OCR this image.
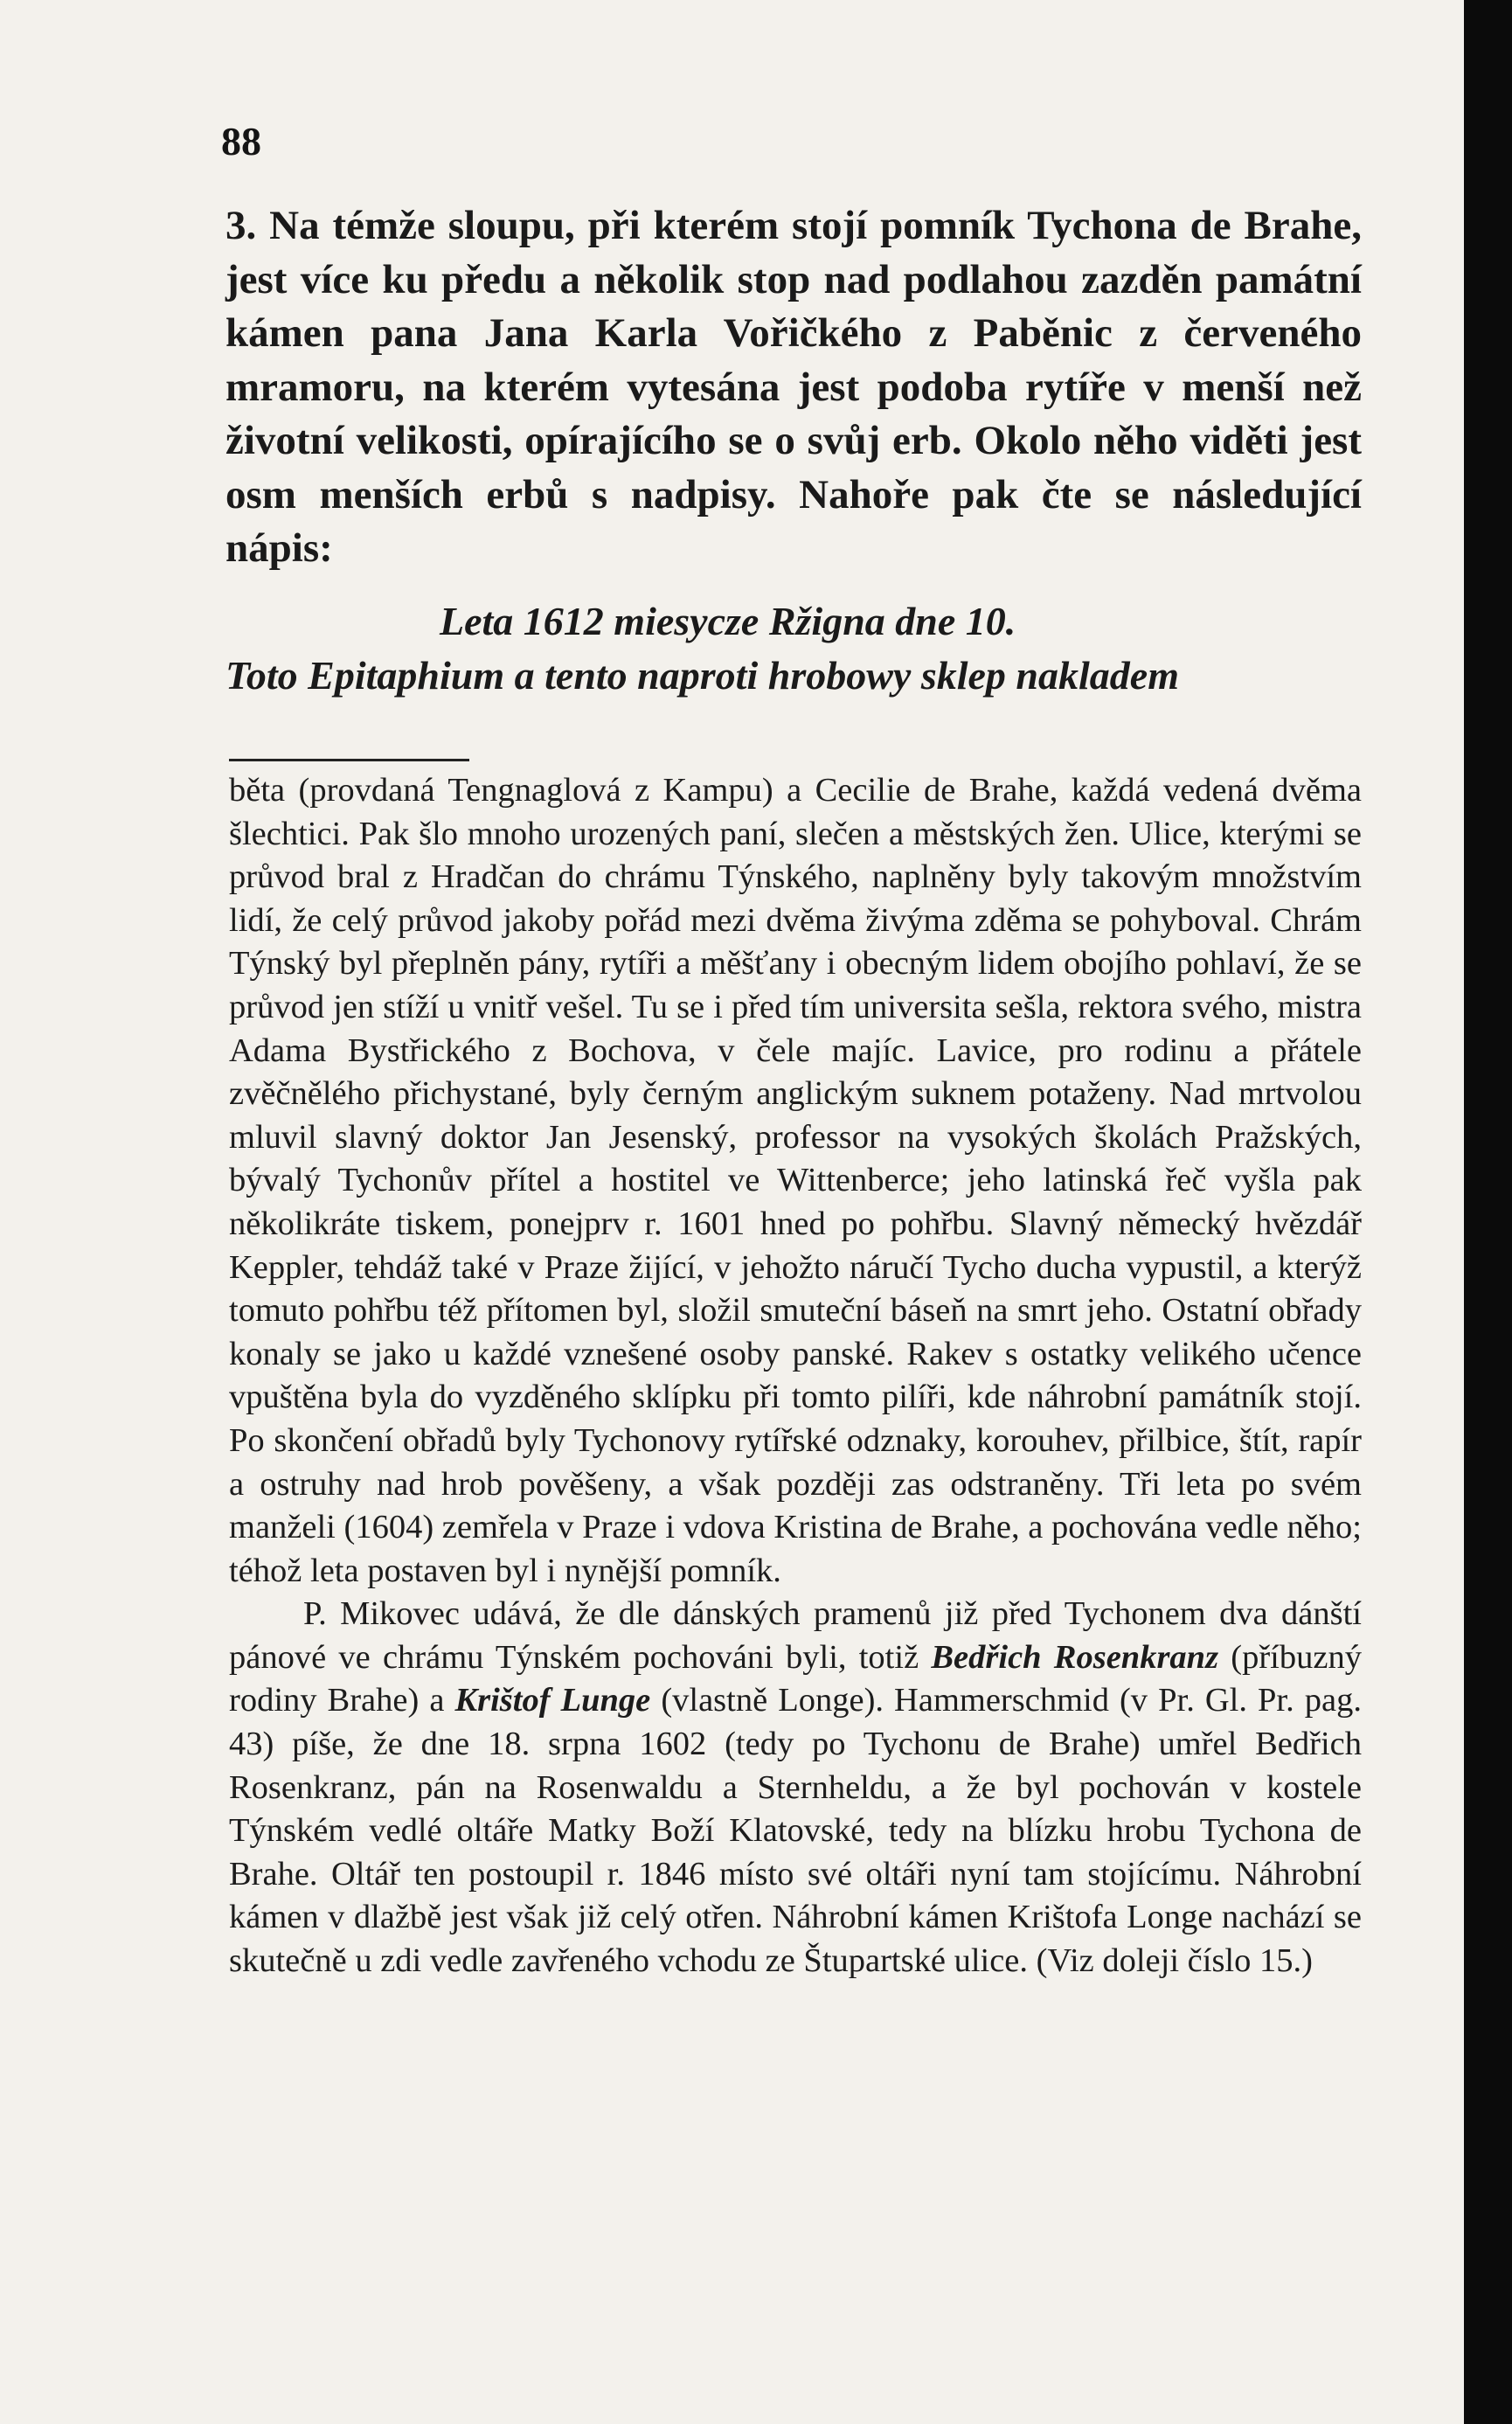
88

3. Na témže sloupu, při kterém stojí pomník Tychona de Brahe, jest více ku předu a několik stop nad podlahou zazděn památní kámen pana Jana Karla Vořičkého z Paběnic z červeného mramoru, na kterém vytesána jest podoba rytíře v menší než životní velikosti, opírajícího se o svůj erb. Okolo něho viděti jest osm menších erbů s nadpisy. Nahoře pak čte se následující nápis:

Leta 1612 miesycze Ržigna dne 10.
Toto Epitaphium a tento naproti hrobowy sklep nakladem

běta (provdaná Tengnaglová z Kampu) a Cecilie de Brahe, každá vedená dvěma šlechtici. Pak šlo mnoho urozených paní, slečen a městských žen. Ulice, kterými se průvod bral z Hradčan do chrámu Týnského, naplněny byly takovým množstvím lidí, že celý průvod jakoby pořád mezi dvěma živýma zděma se pohyboval. Chrám Týnský byl přeplněn pány, rytíři a měšťany i obecným lidem obojího pohlaví, že se průvod jen stíží u vnitř vešel. Tu se i před tím universita sešla, rektora svého, mistra Adama Bystřického z Bochova, v čele majíc. Lavice, pro rodinu a přátele zvěčnělého přichystané, byly černým anglickým suknem potaženy. Nad mrtvolou mluvil slavný doktor Jan Jesenský, professor na vysokých školách Pražských, bývalý Tychonův přítel a hostitel ve Wittenberce; jeho latinská řeč vyšla pak několikráte tiskem, ponejprv r. 1601 hned po pohřbu. Slavný německý hvězdář Keppler, tehdáž také v Praze žijící, v jehožto náručí Tycho ducha vypustil, a kterýž tomuto pohřbu též přítomen byl, složil smuteční báseň na smrt jeho. Ostatní obřady konaly se jako u každé vznešené osoby panské. Rakev s ostatky velikého učence vpuštěna byla do vyzděného sklípku při tomto pilíři, kde náhrobní památník stojí. Po skončení obřadů byly Tychonovy rytířské odznaky, korouhev, přilbice, štít, rapír a ostruhy nad hrob pověšeny, a však později zas odstraněny. Tři leta po svém manželi (1604) zemřela v Praze i vdova Kristina de Brahe, a pochována vedle něho; téhož leta postaven byl i nynější pomník.

P. Mikovec udává, že dle dánských pramenů již před Tychonem dva dánští pánové ve chrámu Týnském pochováni byli, totiž Bedřich Rosenkranz (příbuzný rodiny Brahe) a Krištof Lunge (vlastně Longe). Hammerschmid (v Pr. Gl. Pr. pag. 43) píše, že dne 18. srpna 1602 (tedy po Tychonu de Brahe) umřel Bedřich Rosenkranz, pán na Rosenwaldu a Sternheldu, a že byl pochován v kostele Týnském vedlé oltáře Matky Boží Klatovské, tedy na blízku hrobu Tychona de Brahe. Oltář ten postoupil r. 1846 místo své oltáři nyní tam stojícímu. Náhrobní kámen v dlažbě jest však již celý otřen. Náhrobní kámen Krištofa Longe nachází se skutečně u zdi vedle zavřeného vchodu ze Štupartské ulice. (Viz doleji číslo 15.)
